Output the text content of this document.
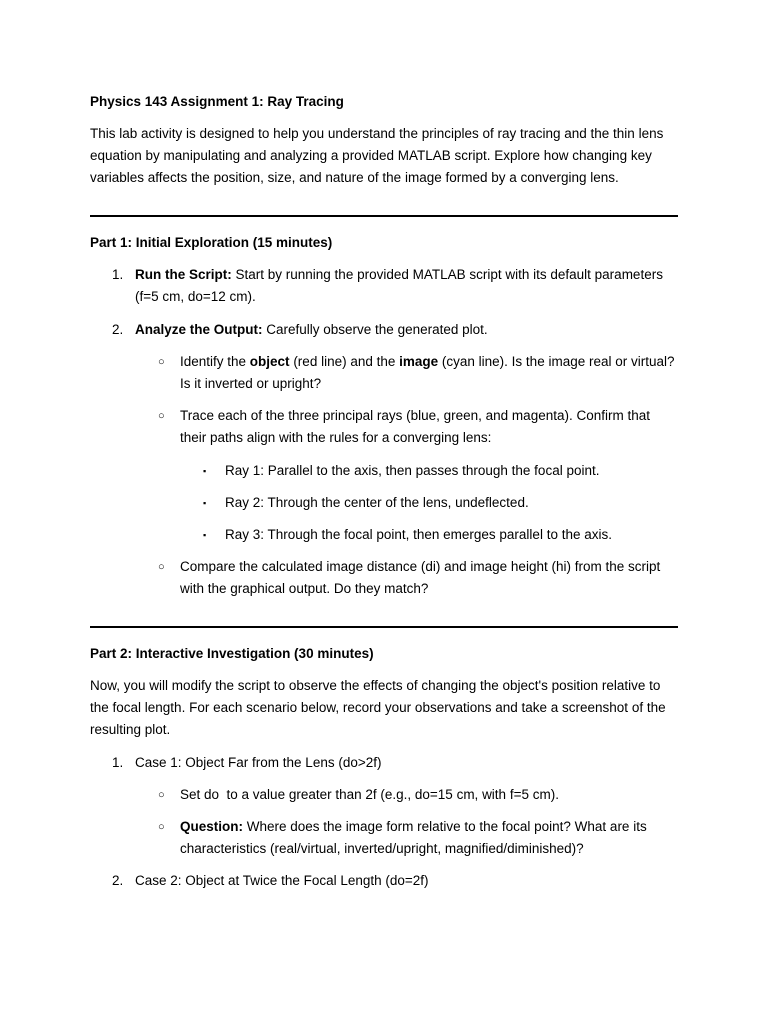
Physics 143 Assignment 1: Ray Tracing

This lab activity is designed to help you understand the principles of ray tracing and the thin lens equation by manipulating and analyzing a provided MATLAB script. Explore how changing key variables affects the position, size, and nature of the image formed by a converging lens.

Part 1: Initial Exploration (15 minutes)
1. Run the Script: Start by running the provided MATLAB script with its default parameters (f=5 cm, do=12 cm).
2. Analyze the Output: Carefully observe the generated plot.
○ Identify the object (red line) and the image (cyan line). Is the image real or virtual? Is it inverted or upright?
○ Trace each of the three principal rays (blue, green, and magenta). Confirm that their paths align with the rules for a converging lens:
▪ Ray 1: Parallel to the axis, then passes through the focal point.
▪ Ray 2: Through the center of the lens, undeflected.
▪ Ray 3: Through the focal point, then emerges parallel to the axis.
○ Compare the calculated image distance (di) and image height (hi) from the script with the graphical output. Do they match?
Part 2: Interactive Investigation (30 minutes)

Now, you will modify the script to observe the effects of changing the object's position relative to the focal length. For each scenario below, record your observations and take a screenshot of the resulting plot.

1. Case 1: Object Far from the Lens (do>2f)
○ Set do  to a value greater than 2f (e.g., do=15 cm, with f=5 cm).
○ Question: Where does the image form relative to the focal point? What are its characteristics (real/virtual, inverted/upright, magnified/diminished)?
2. Case 2: Object at Twice the Focal Length (do=2f)
